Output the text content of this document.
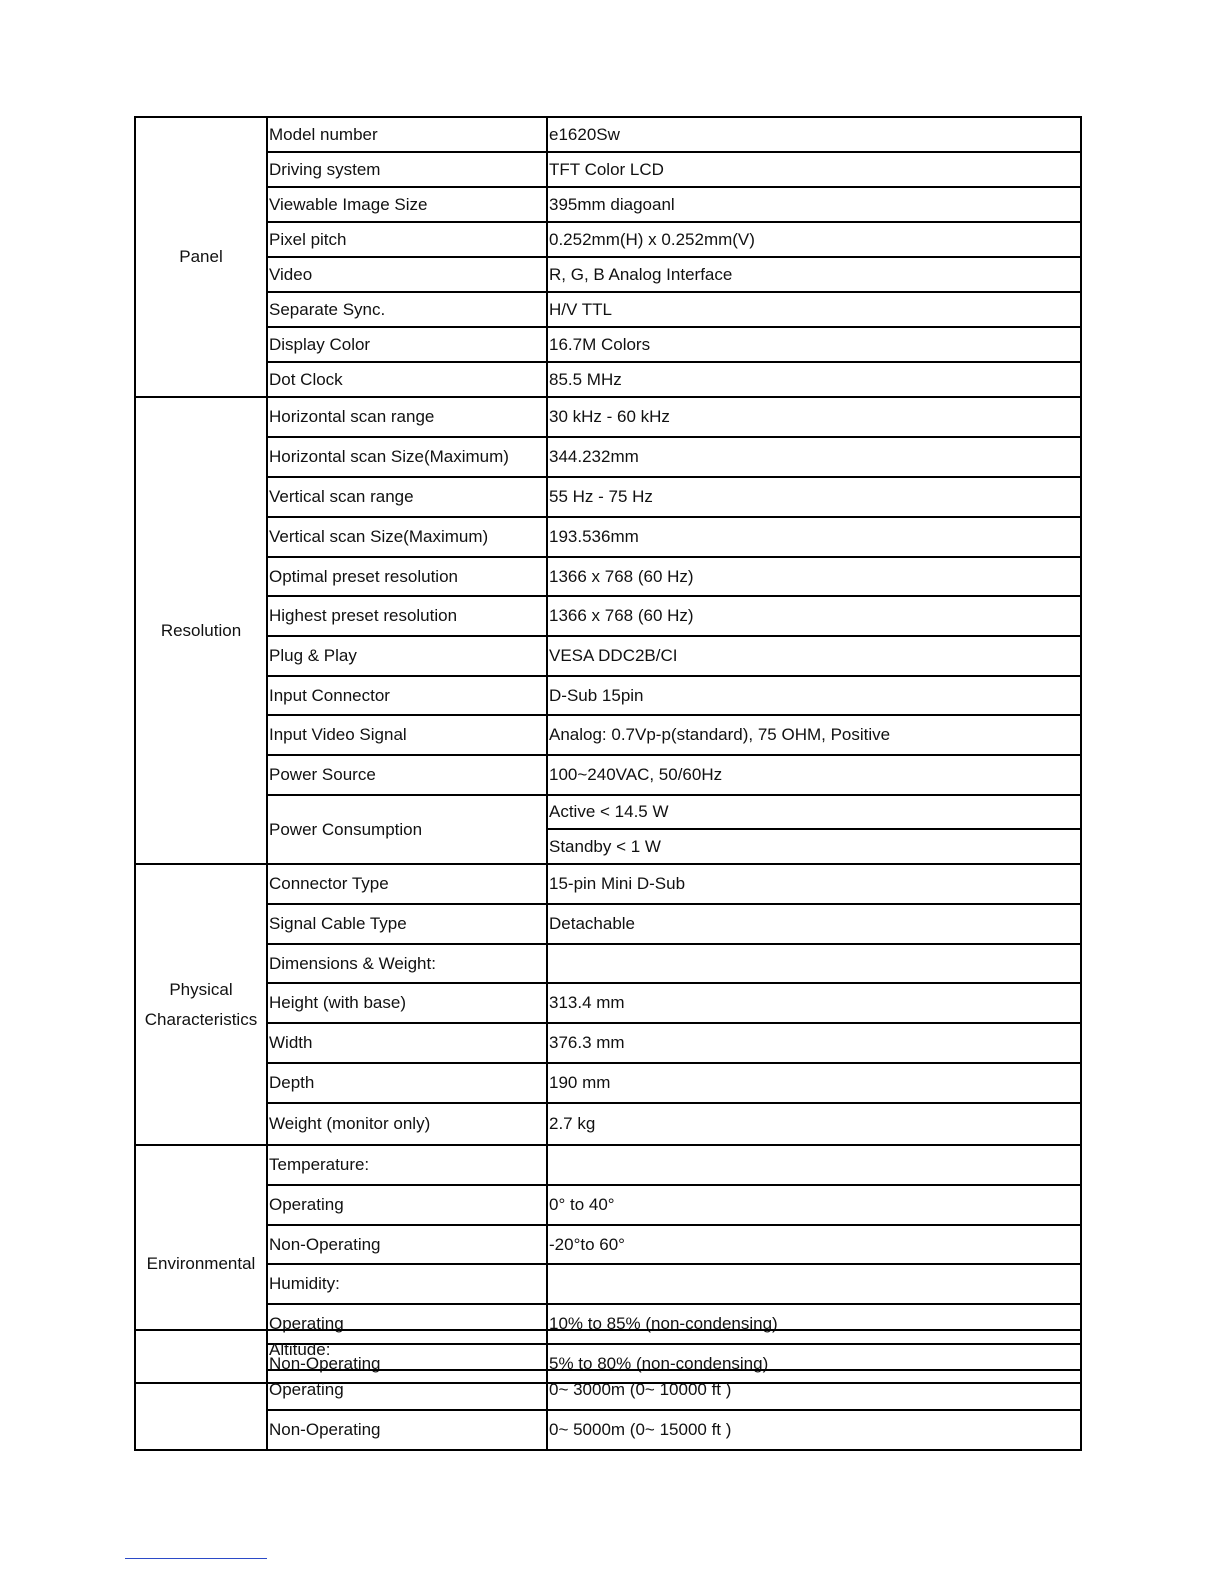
Panel	Model number	e1620Sw
	Driving system	TFT Color LCD
	Viewable Image Size	395mm diagoanl
	Pixel pitch	0.252mm(H) x 0.252mm(V)
	Video	R, G, B Analog Interface
	Separate Sync.	H/V TTL
	Display Color	16.7M Colors
	Dot Clock	85.5 MHz
Resolution	Horizontal scan range	30 kHz - 60 kHz
	Horizontal scan Size(Maximum)	344.232mm
	Vertical scan range	55 Hz - 75 Hz
	Vertical scan Size(Maximum)	193.536mm
	Optimal preset resolution	1366 x 768 (60 Hz)
	Highest preset resolution	1366 x 768 (60 Hz)
	Plug & Play	VESA DDC2B/CI
	Input Connector	D-Sub 15pin
	Input Video Signal	Analog: 0.7Vp-p(standard), 75 OHM, Positive
	Power Source	100~240VAC, 50/60Hz
	Power Consumption	Active < 14.5 W
		Standby < 1 W
Physical Characteristics	Connector Type	15-pin Mini D-Sub
	Signal Cable Type	Detachable
	Dimensions & Weight:	
	Height (with base)	313.4 mm
	Width	376.3 mm
	Depth	190 mm
	Weight (monitor only)	2.7 kg
Environmental	Temperature:	
	Operating	0° to 40°
	Non-Operating	-20°to 60°
	Humidity:	
	Operating	10% to 85% (non-condensing)
	Non-Operating	5% to 80% (non-condensing)
	Altitude:	
	Operating	0~ 3000m (0~ 10000 ft )
	Non-Operating	0~ 5000m (0~ 15000 ft )
